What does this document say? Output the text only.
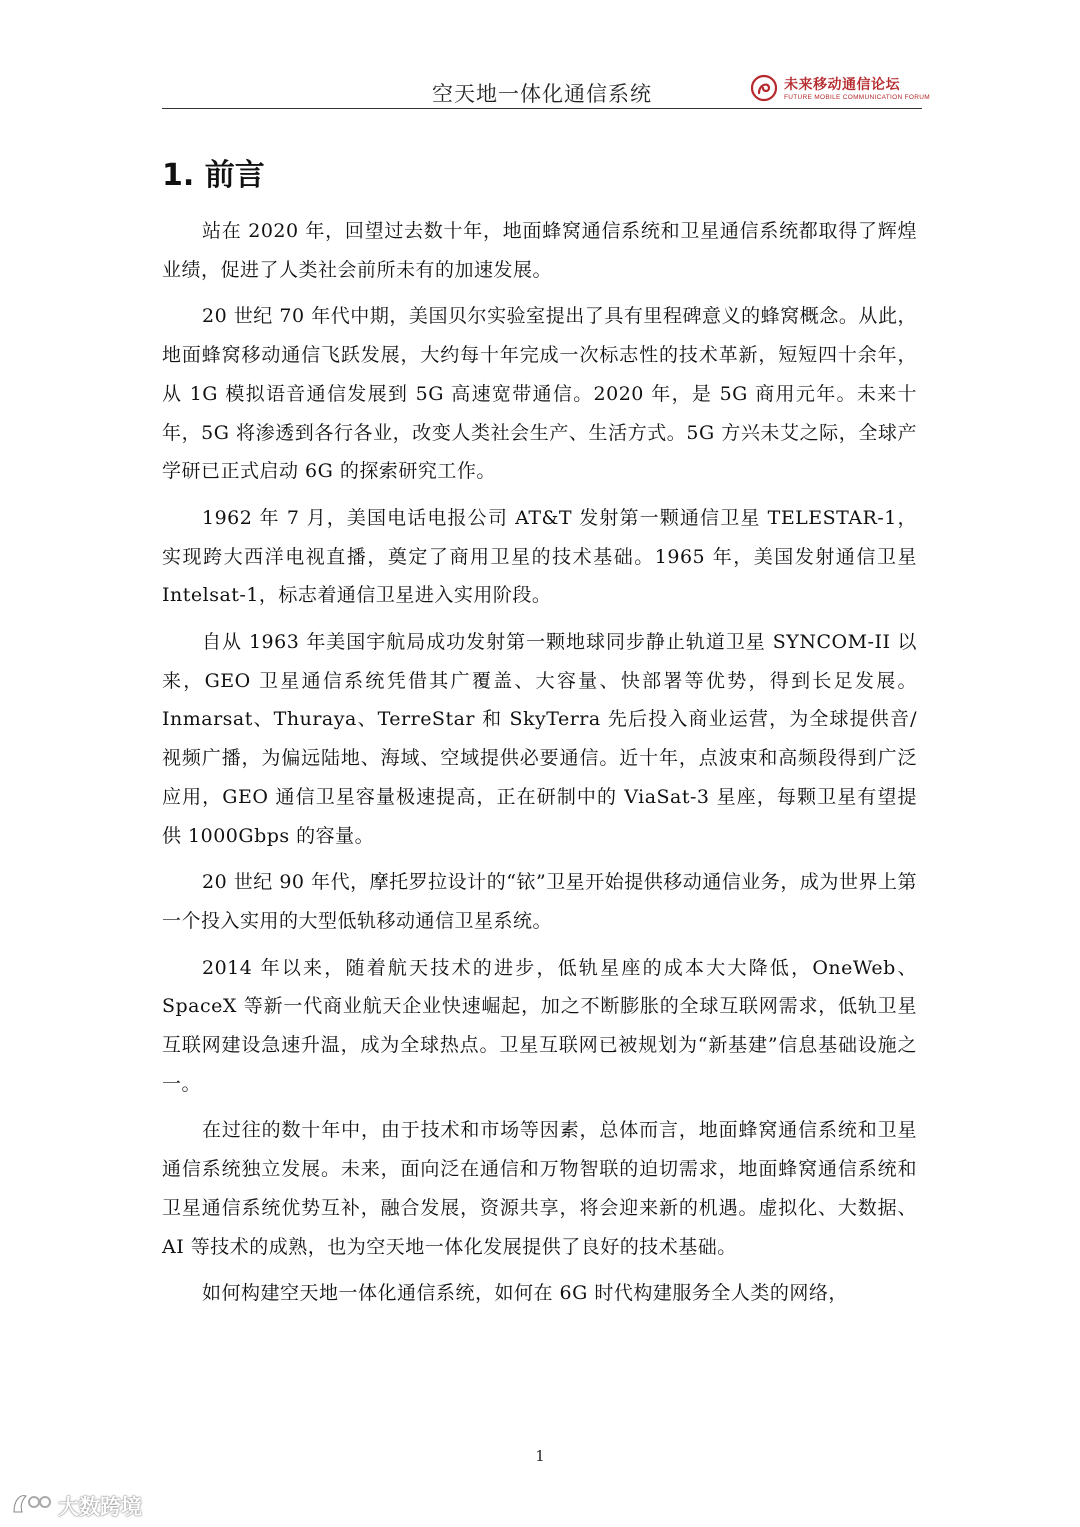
空天地一体化通信系统	未来移动通信论坛
FUTURE MOBILE COMMUNICATION FORUM
1. 前言

站在 2020 年，回望过去数十年，地面蜂窝通信系统和卫星通信系统都取得了辉煌业绩，促进了人类社会前所未有的加速发展。

20 世纪 70 年代中期，美国贝尔实验室提出了具有里程碑意义的蜂窝概念。从此，地面蜂窝移动通信飞跃发展，大约每十年完成一次标志性的技术革新，短短四十余年，从 1G 模拟语音通信发展到 5G 高速宽带通信。2020 年，是 5G 商用元年。未来十年，5G 将渗透到各行各业，改变人类社会生产、生活方式。5G 方兴未艾之际，全球产学研已正式启动 6G 的探索研究工作。

1962 年 7 月，美国电话电报公司 AT&T 发射第一颗通信卫星 TELESTAR-1，实现跨大西洋电视直播，奠定了商用卫星的技术基础。1965 年，美国发射通信卫星 Intelsat-1，标志着通信卫星进入实用阶段。

自从 1963 年美国宇航局成功发射第一颗地球同步静止轨道卫星 SYNCOM-II 以来，GEO 卫星通信系统凭借其广覆盖、大容量、快部署等优势，得到长足发展。Inmarsat、Thuraya、TerreStar 和 SkyTerra 先后投入商业运营，为全球提供音/视频广播，为偏远陆地、海域、空域提供必要通信。近十年，点波束和高频段得到广泛应用，GEO 通信卫星容量极速提高，正在研制中的 ViaSat-3 星座，每颗卫星有望提供 1000Gbps 的容量。

20 世纪 90 年代，摩托罗拉设计的“铱”卫星开始提供移动通信业务，成为世界上第一个投入实用的大型低轨移动通信卫星系统。

2014 年以来，随着航天技术的进步，低轨星座的成本大大降低，OneWeb、SpaceX 等新一代商业航天企业快速崛起，加之不断膨胀的全球互联网需求，低轨卫星互联网建设急速升温，成为全球热点。卫星互联网已被规划为“新基建”信息基础设施之一。

在过往的数十年中，由于技术和市场等因素，总体而言，地面蜂窝通信系统和卫星通信系统独立发展。未来，面向泛在通信和万物智联的迫切需求，地面蜂窝通信系统和卫星通信系统优势互补，融合发展，资源共享，将会迎来新的机遇。虚拟化、大数据、AI 等技术的成熟，也为空天地一体化发展提供了良好的技术基础。

如何构建空天地一体化通信系统，如何在 6G 时代构建服务全人类的网络，

1
大数跨境
